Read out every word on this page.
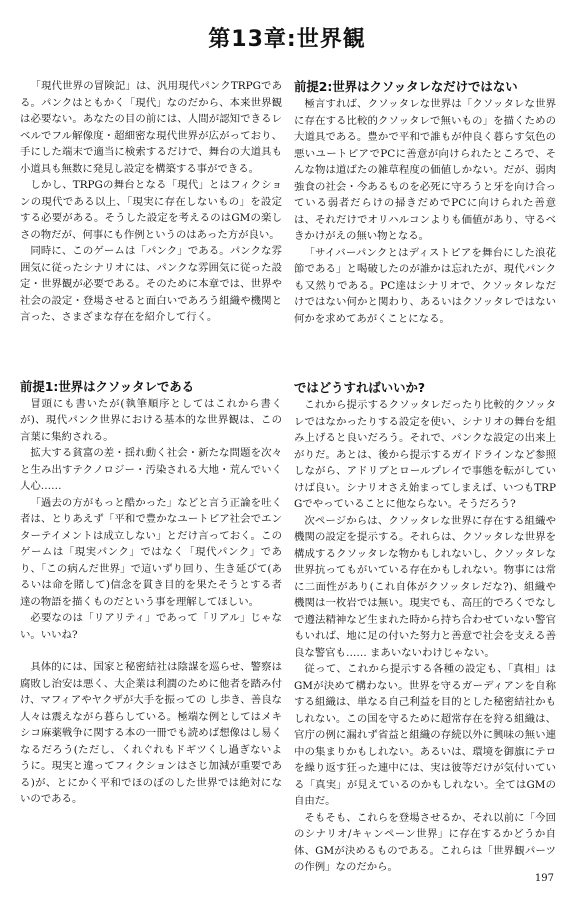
第13章:世界観

「現代世界の冒険記」は、汎用現代パンクTRPGである。パンクはともかく「現代」なのだから、本来世界観は必要ない。あなたの目の前には、人間が認知できるレベルでフル解像度・超細密な現代世界が広がっており、手にした端末で適当に検索するだけで、舞台の大道具も小道具も無数に発見し設定を構築する事ができる。

しかし、TRPGの舞台となる「現代」とはフィクションの現代である以上、「現実に存在しないもの」を設定する必要がある。そうした設定を考えるのはGMの楽しさの物だが、何事にも作例というのはあった方が良い。

同時に、このゲームは「パンク」である。パンクな雰囲気に従ったシナリオには、パンクな雰囲気に従った設定・世界観が必要である。そのために本章では、世界や社会の設定・登場させると面白いであろう組織や機関と言った、さまざまな存在を紹介して行く。

前提1:世界はクソッタレである

冒頭にも書いたが(執筆順序としてはこれから書くが)、現代パンク世界における基本的な世界観は、この言葉に集約される。

拡大する貧富の差・揺れ動く社会・新たな問題を次々と生み出すテクノロジー・汚染される大地・荒んでいく人心……

「過去の方がもっと酷かった」などと言う正論を吐く者は、とりあえず「平和で豊かなユートピア社会でエンターテイメントは成立しない」とだけ言っておく。このゲームは「現実パンク」ではなく「現代パンク」であり、「この病んだ世界」で這いずり回り、生き延びて(あるいは命を賭して)信念を貫き目的を果たそうとする者達の物語を描くものだという事を理解してほしい。

必要なのは「リアリティ」であって「リアル」じゃない。いいね?

具体的には、国家と秘密結社は陰謀を巡らせ、警察は腐敗し治安は悪く、大企業は利潤のために他者を踏み付け、マフィアやヤクザが大手を振っての し歩き、善良な人々は震えながら暮らしている。極端な例としてはメキシコ麻薬戦争に関する本の一冊でも読めば想像はし易くなるだろう(ただし、くれぐれもドギツくし過ぎないように。現実と違ってフィクションはさじ加減が重要である)が、とにかく平和でほのぼのした世界では絶対にないのである。

前提2:世界はクソッタレなだけではない

極言すれば、クソッタレな世界は「クソッタレな世界に存在する比較的クソッタレで無いもの」を描くための大道具である。豊かで平和で誰もが仲良く暮らす気色の悪いユートピアでPCに善意が向けられたところで、そんな物は道ばたの雑草程度の価値しかない。だが、弱肉強食の社会・今あるものを必死に守ろうと牙を向け合っている弱者だらけの掃きだめでPCに向けられた善意は、それだけでオリハルコンよりも価値があり、守るべきかけがえの無い物となる。

「サイバーパンクとはディストピアを舞台にした浪花節である」と喝破したのが誰かは忘れたが、現代パンクも又然りである。PC達はシナリオで、クソッタレなだけではない何かと関わり、あるいはクソッタレではない何かを求めてあがくことになる。

ではどうすればいいか?

これから提示するクソッタレだったり比較的クソッタレではなかったりする設定を使い、シナリオの舞台を組み上げると良いだろう。それで、パンクな設定の出来上がりだ。あとは、後から提示するガイドラインなど参照しながら、アドリブとロールプレイで事態を転がしていけば良い。シナリオさえ始まってしまえば、いつもTRPGでやっていることに他ならない。そうだろう?

次ページからは、クソッタレな世界に存在する組織や機関の設定を提示する。それらは、クソッタレな世界を構成するクソッタレな物かもしれないし、クソッタレな世界抗ってもがいている存在かもしれない。物事には常に二面性があり(これ自体がクソッタレだな?)、組織や機関は一枚岩では無い。現実でも、高圧的でろくでなしで遵法精神など生まれた時から持ち合わせていない警官もいれば、地に足の付いた努力と善意で社会を支える善良な警官も…… まあいないわけじゃない。

従って、これから提示する各種の設定も、「真相」はGMが決めて構わない。世界を守るガーディアンを自称する組織は、単なる自己利益を目的とした秘密結社かもしれない。この国を守るために超常存在を狩る組織は、官庁の例に漏れず省益と組織の存続以外に興味の無い連中の集まりかもしれない。あるいは、環境を御旗にテロを繰り返す狂った連中には、実は彼等だけが気付いている「真実」が見えているのかもしれない。全てはGMの自由だ。

そもそも、これらを登場させるか、それ以前に「今回のシナリオ/キャンペーン世界」に存在するかどうか自体、GMが決めるものである。これらは「世界観パーツの作例」なのだから。

197
